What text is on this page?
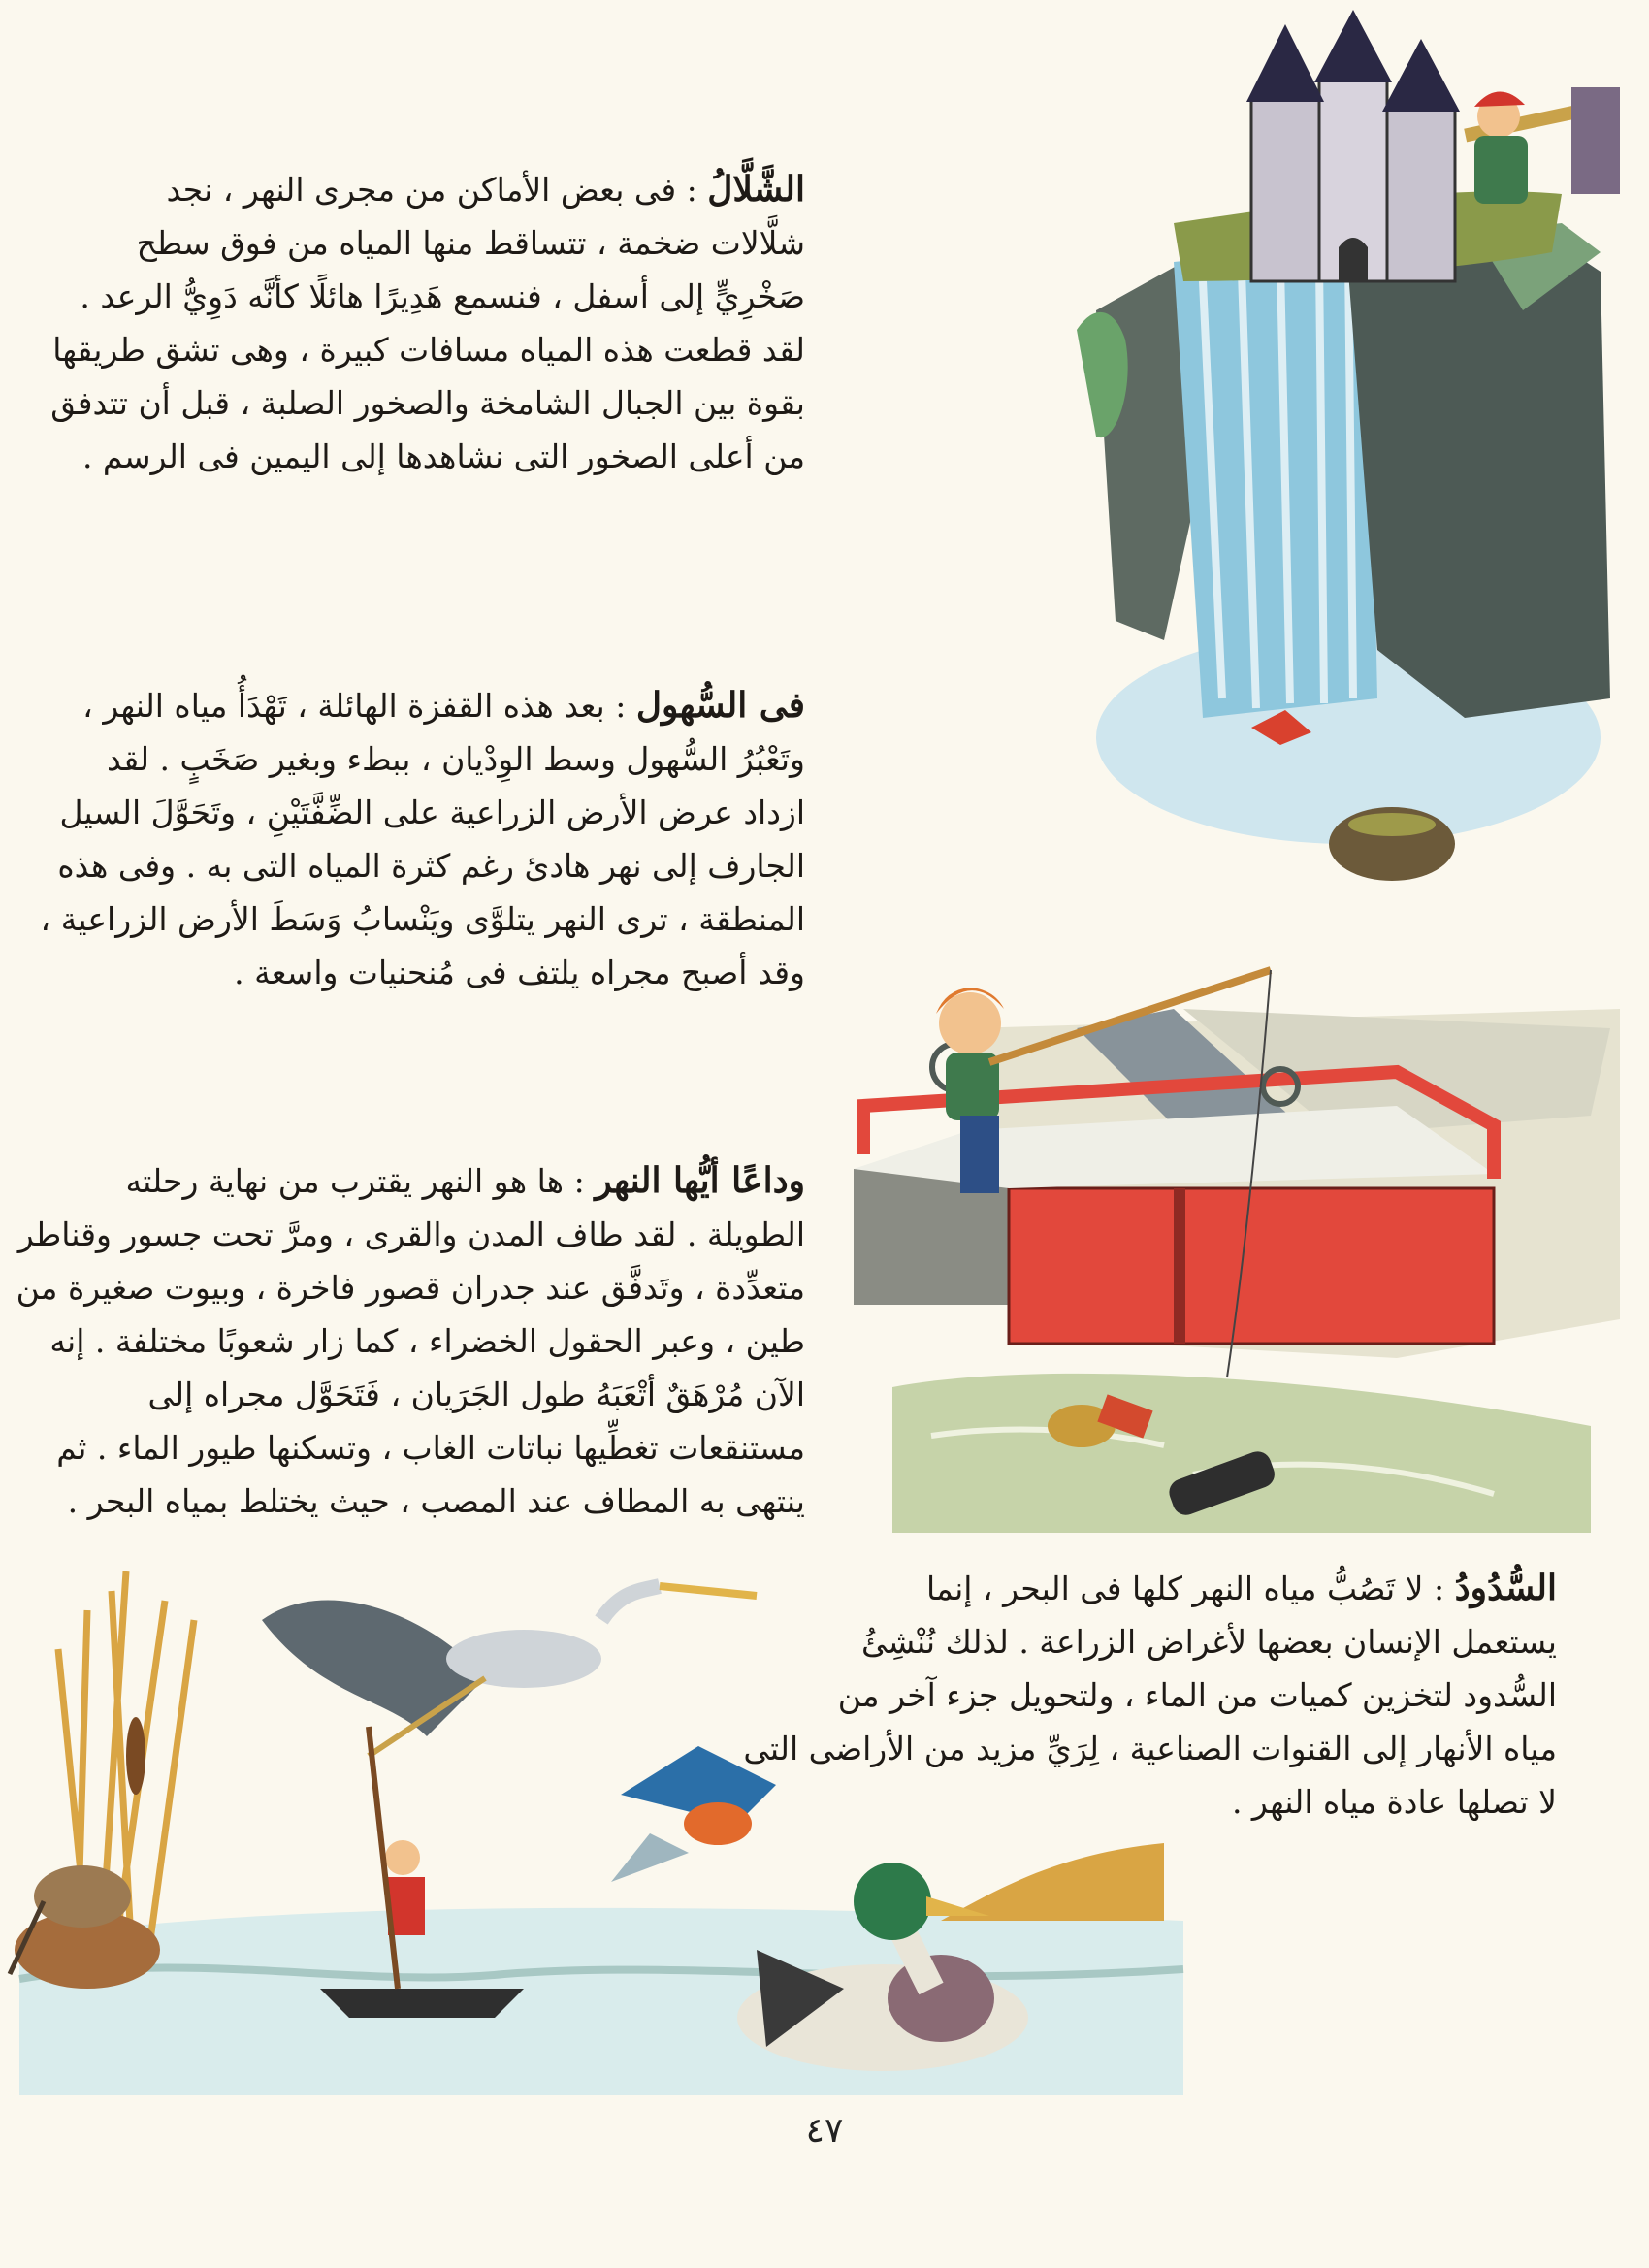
الشَّلَّالُ : فى بعض الأماكن من مجرى النهر ، نجد
شلَّالات ضخمة ، تتساقط منها المياه من فوق سطح
صَخْرِيٍّ إلى أسفل ، فنسمع هَدِيرًا هائلًا كأنَّه دَوِيُّ الرعد .
لقد قطعت هذه المياه مسافات كبيرة ، وهى تشق طريقها
بقوة بين الجبال الشامخة والصخور الصلبة ، قبل أن تتدفق
من أعلى الصخور التى نشاهدها إلى اليمين فى الرسم .
فى السُّهول : بعد هذه القفزة الهائلة ، تَهْدَأُ مياه النهر ،
وتَعْبُرُ السُّهول وسط الوِدْيان ، ببطء وبغير صَخَبٍ . لقد
ازداد عرض الأرض الزراعية على الضِّفَّتَيْنِ ، وتَحَوَّلَ السيل
الجارف إلى نهر هادئ رغم كثرة المياه التى به . وفى هذه
المنطقة ، ترى النهر يتلوَّى ويَنْسابُ وَسَطَ الأرض الزراعية ،
وقد أصبح مجراه يلتف فى مُنحنيات واسعة .
وداعًا أيُّها النهر : ها هو النهر يقترب من نهاية رحلته
الطويلة . لقد طاف المدن والقرى ، ومرَّ تحت جسور وقناطر
متعدِّدة ، وتَدفَّق عند جدران قصور فاخرة ، وبيوت صغيرة من
طين ، وعبر الحقول الخضراء ، كما زار شعوبًا مختلفة . إنه
الآن مُرْهَقٌ أتْعَبَهُ طول الجَرَيان ، فَتَحَوَّل مجراه إلى
مستنقعات تغطِّيها نباتات الغاب ، وتسكنها طيور الماء . ثم
ينتهى به المطاف عند المصب ، حيث يختلط بمياه البحر .
السُّدُودُ : لا تَصُبُّ مياه النهر كلها فى البحر ، إنما
يستعمل الإنسان بعضها لأغراض الزراعة . لذلك نُنْشِئُ
السُّدود لتخزين كميات من الماء ، ولتحويل جزء آخر من
مياه الأنهار إلى القنوات الصناعية ، لِرَيِّ مزيد من الأراضى التى
لا تصلها عادة مياه النهر .
٤٧
